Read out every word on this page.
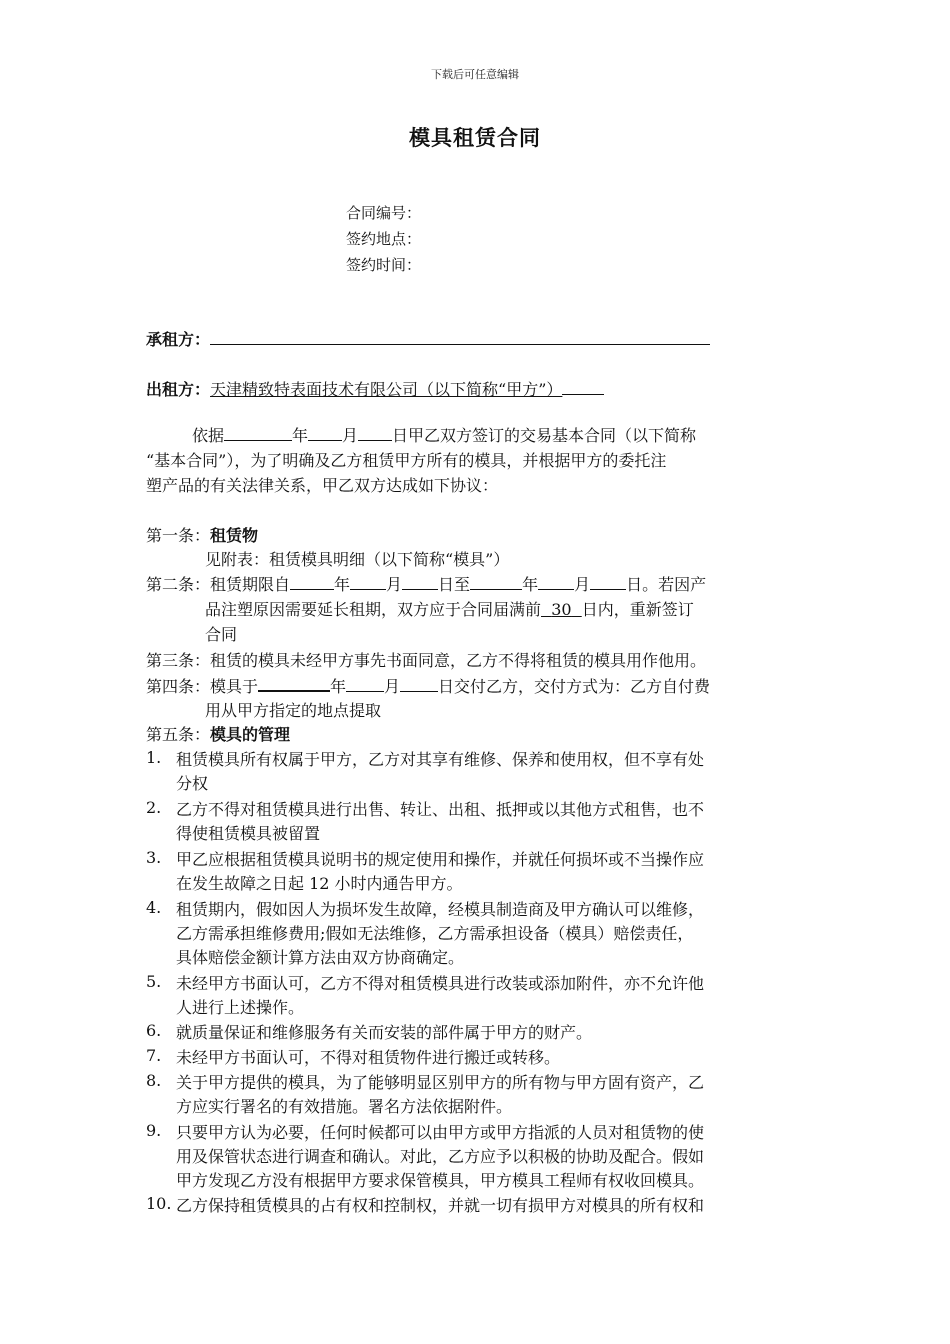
下载后可任意编辑
模具租赁合同
合同编号：
签约地点：
签约时间：
承租方：
出租方：天津精致特表面技术有限公司（以下简称“甲方”）
依据	年 月 日甲乙双方签订的交易基本合同（以下简称
“基本合同”），为了明确及乙方租赁甲方所有的模具，并根据甲方的委托注
塑产品的有关法律关系，甲乙双方达成如下协议：
第一条：租赁物
见附表：租赁模具明细（以下简称“模具”）
第二条：租赁期限自	年 月 日至	年 月 日。若因产
品注塑原因需要延长租期，双方应于合同届满前 30 日内，重新签订
合同
第三条：租赁的模具未经甲方事先书面同意，乙方不得将租赁的模具用作他用。
第四条：模具于	年 月 日交付乙方，交付方式为：乙方自付费
用从甲方指定的地点提取
第五条：模具的管理
1. 租赁模具所有权属于甲方，乙方对其享有维修、保养和使用权，但不享有处
分权
2. 乙方不得对租赁模具进行出售、转让、出租、抵押或以其他方式租售，也不
得使租赁模具被留置
3. 甲乙应根据租赁模具说明书的规定使用和操作，并就任何损坏或不当操作应
在发生故障之日起 12 小时内通告甲方。
4. 租赁期内，假如因人为损坏发生故障，经模具制造商及甲方确认可以维修，
乙方需承担维修费用;假如无法维修，乙方需承担设备（模具）赔偿责任，
具体赔偿金额计算方法由双方协商确定。
5. 未经甲方书面认可，乙方不得对租赁模具进行改装或添加附件，亦不允许他
人进行上述操作。
6. 就质量保证和维修服务有关而安装的部件属于甲方的财产。
7. 未经甲方书面认可，不得对租赁物件进行搬迁或转移。
8. 关于甲方提供的模具，为了能够明显区别甲方的所有物与甲方固有资产，乙
方应实行署名的有效措施。署名方法依据附件。
9. 只要甲方认为必要，任何时候都可以由甲方或甲方指派的人员对租赁物的使
用及保管状态进行调查和确认。对此，乙方应予以积极的协助及配合。假如
甲方发现乙方没有根据甲方要求保管模具，甲方模具工程师有权收回模具。
10. 乙方保持租赁模具的占有权和控制权，并就一切有损甲方对模具的所有权和
